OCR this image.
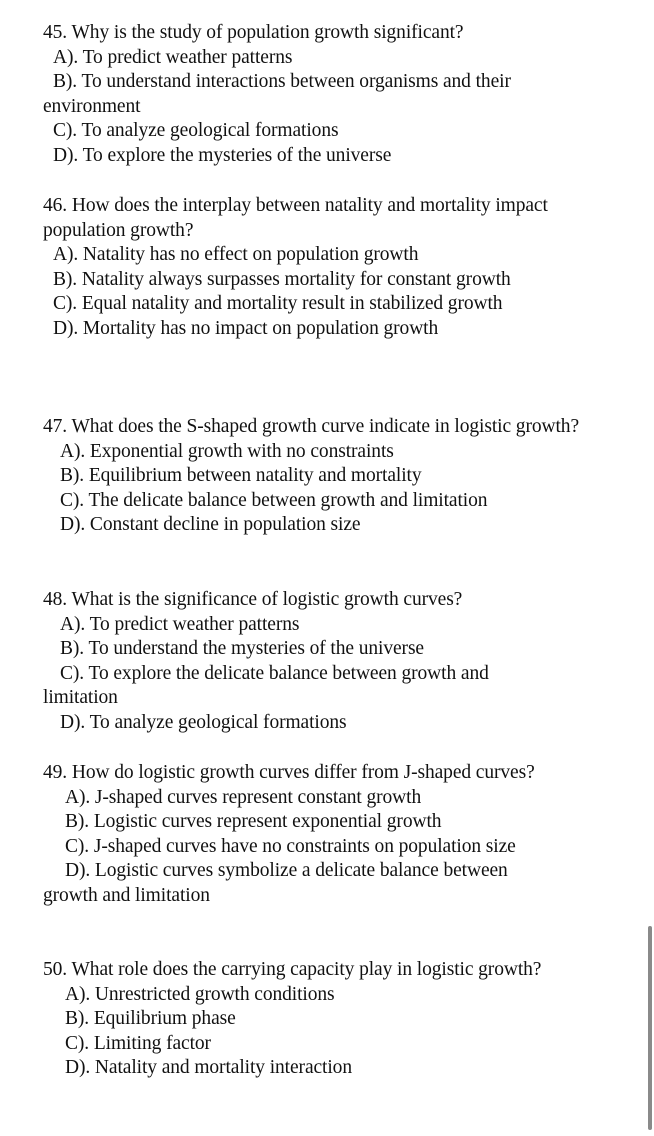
45. Why is the study of population growth significant?
A). To predict weather patterns
B). To understand interactions between organisms and their environment
C). To analyze geological formations
D). To explore the mysteries of the universe
46. How does the interplay between natality and mortality impact population growth?
A). Natality has no effect on population growth
B). Natality always surpasses mortality for constant growth
C). Equal natality and mortality result in stabilized growth
D). Mortality has no impact on population growth
47. What does the S-shaped growth curve indicate in logistic growth?
A). Exponential growth with no constraints
B). Equilibrium between natality and mortality
C). The delicate balance between growth and limitation
D). Constant decline in population size
48. What is the significance of logistic growth curves?
A). To predict weather patterns
B). To understand the mysteries of the universe
C). To explore the delicate balance between growth and limitation
D). To analyze geological formations
49. How do logistic growth curves differ from J-shaped curves?
A). J-shaped curves represent constant growth
B). Logistic curves represent exponential growth
C). J-shaped curves have no constraints on population size
D). Logistic curves symbolize a delicate balance between growth and limitation
50. What role does the carrying capacity play in logistic growth?
A). Unrestricted growth conditions
B). Equilibrium phase
C). Limiting factor
D). Natality and mortality interaction
